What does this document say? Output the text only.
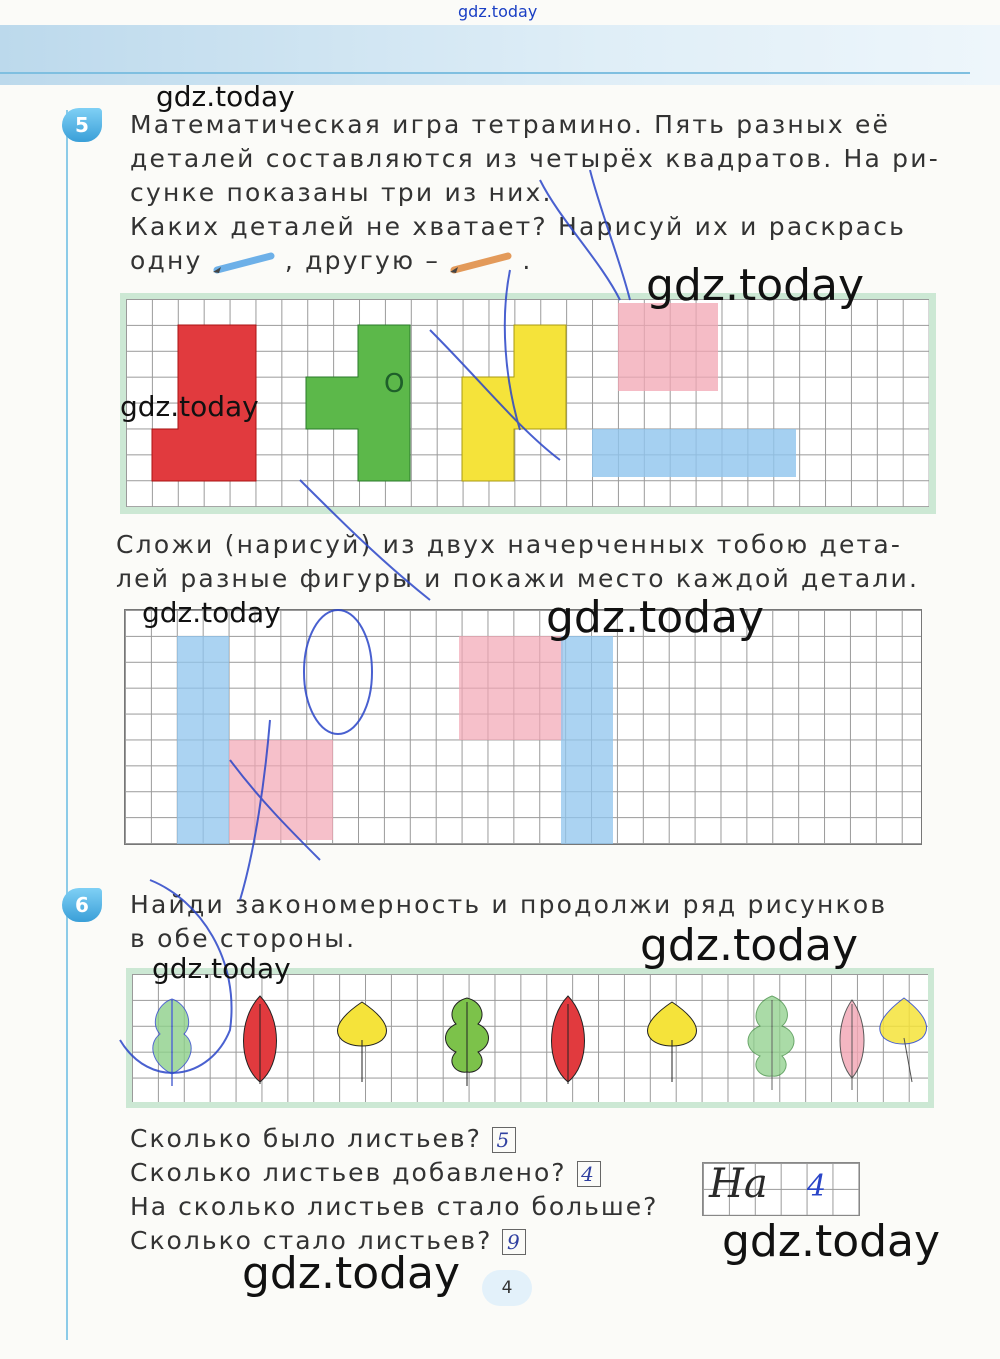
gdz.today
5	Математическая игра тетрамино. Пять разных её

деталей составляются из четырёх квадратов. На ри-

сунке показаны три из них.

Каких деталей не хватает? Нарисуй их и раскрась

одну	, другую –	.

О

Сложи (нарисуй) из двух начерченных тобою дета-

лей разные фигуры и покажи место каждой детали.

6	Найди закономерность и продолжи ряд рисунков

в обе стороны.

Сколько было листьев? 5
Сколько листьев добавлено? 4
На сколько листьев стало больше? На 4
Сколько стало листьев? 9
4
gdz.today
gdz.today
gdz.today
gdz.today	gdz.today
gdz.today
gdz.today
gdz.today
gdz.today
